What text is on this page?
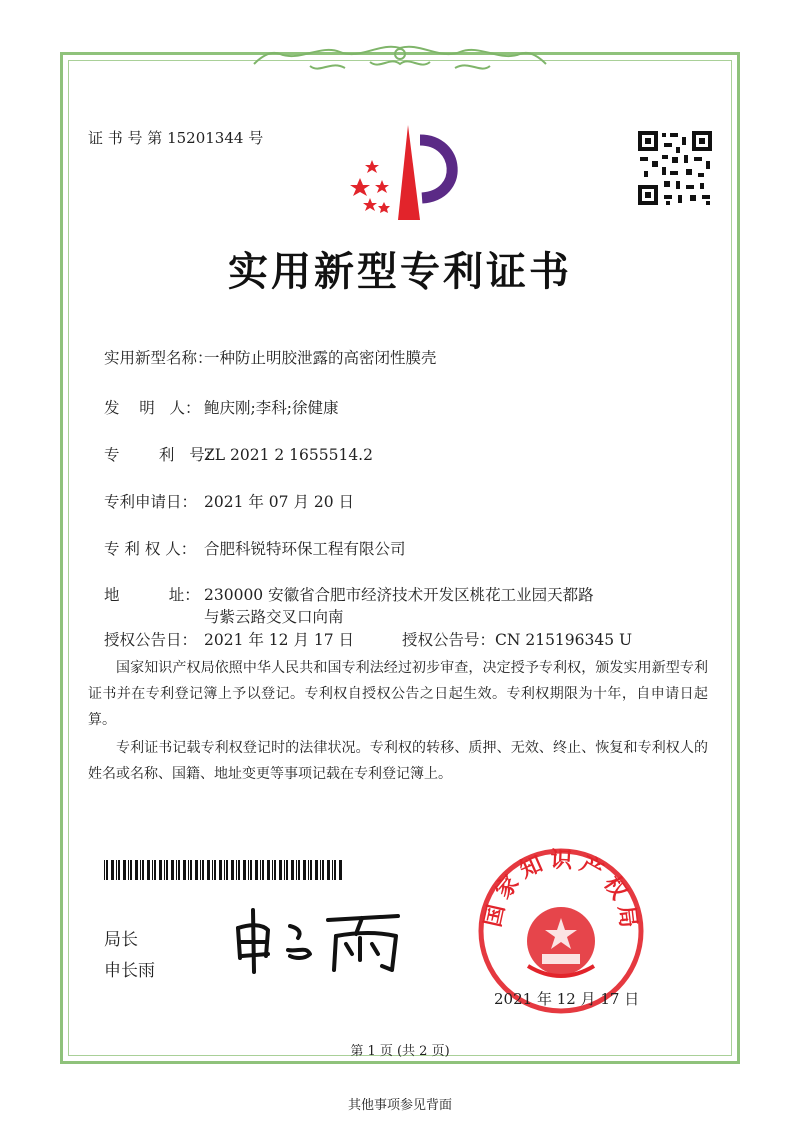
证 书 号 第 15201344 号
实用新型专利证书
实用新型名称：一种防止明胶泄露的高密闭性膜壳
发    明   人： 鲍庆刚;李科;徐健康
专        利   号：ZL 2021 2 1655514.2
专利申请日： 2021 年 07 月 20 日
专 利 权 人： 合肥科锐特环保工程有限公司
地          址： 230000 安徽省合肥市经济技术开发区桃花工业园天都路与紫云路交叉口向南
授权公告日： 2021 年 12 月 17 日	授权公告号：CN 215196345 U
国家知识产权局依照中华人民共和国专利法经过初步审查，决定授予专利权，颁发实用新型专利证书并在专利登记簿上予以登记。专利权自授权公告之日起生效。专利权期限为十年，自申请日起算。
专利证书记载专利权登记时的法律状况。专利权的转移、质押、无效、终止、恢复和专利权人的姓名或名称、国籍、地址变更等事项记载在专利登记簿上。
局长
申长雨
国家知识产权局
2021 年 12 月 17 日
第 1 页 (共 2 页)
其他事项参见背面
